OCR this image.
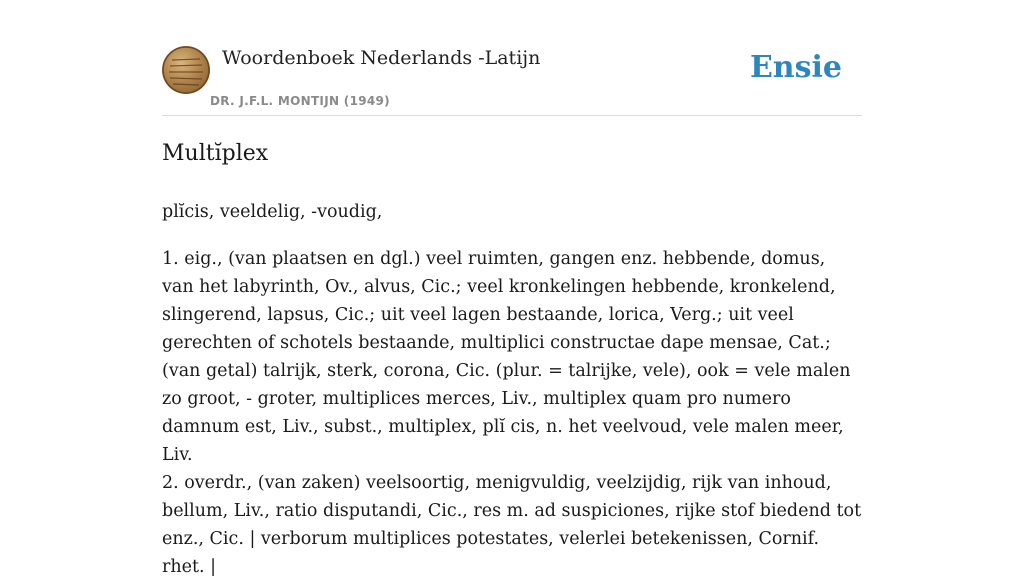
Woordenboek Nederlands -Latijn
DR. J.F.L. MONTIJN (1949)
Ensie
Multĭplex

plĭcis, veeldelig, -voudig,

1. eig., (van plaatsen en dgl.) veel ruimten, gangen enz. hebbende, domus, van het labyrinth, Ov., alvus, Cic.; veel kronkelingen hebbende, kronkelend, slingerend, lapsus, Cic.; uit veel lagen bestaande, lorica, Verg.; uit veel gerechten of schotels bestaande, multiplici constructae dape mensae, Cat.; (van getal) talrijk, sterk, corona, Cic. (plur. = talrijke, vele), ook = vele malen zo groot, - groter, multiplices merces, Liv., multiplex quam pro numero damnum est, Liv., subst., multiplex, plĭ cis, n. het veelvoud, vele malen meer, Liv.

2. overdr., (van zaken) veelsoortig, menigvuldig, veelzijdig, rijk van inhoud, bellum, Liv., ratio disputandi, Cic., res m. ad suspiciones, rijke stof biedend tot enz., Cic. | verborum multiplices potestates, velerlei betekenissen, Cornif. rhet. |
